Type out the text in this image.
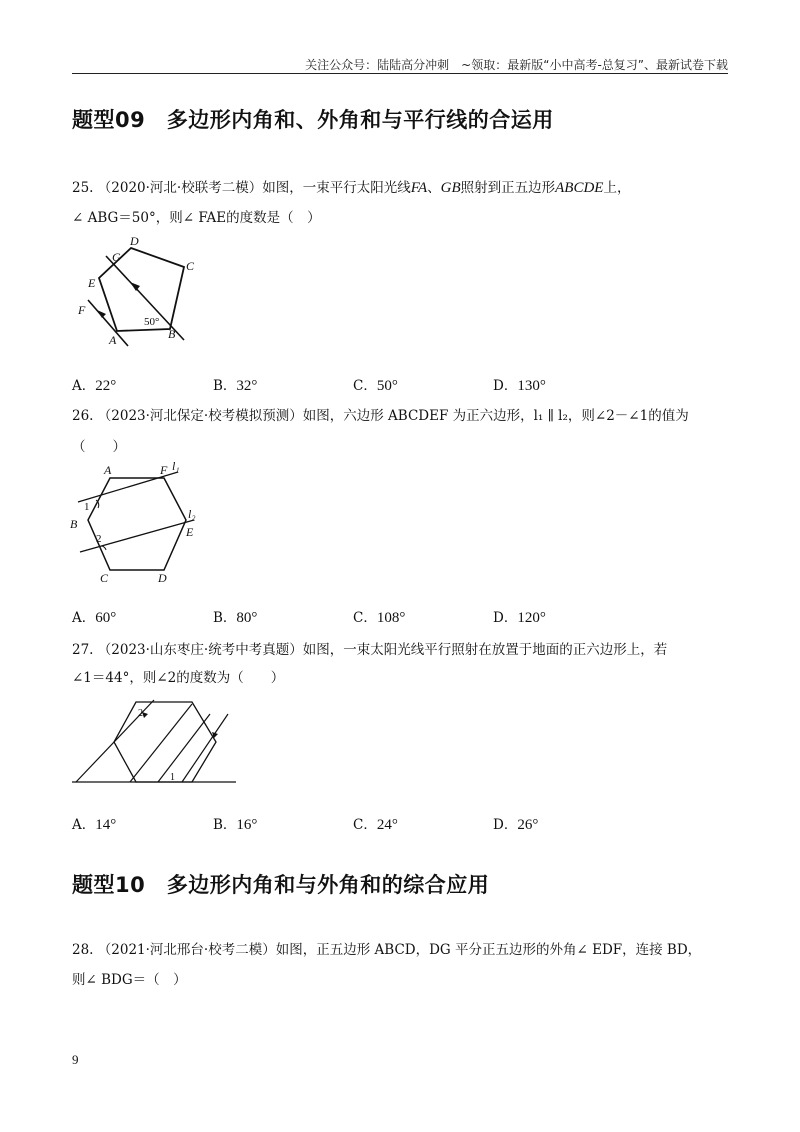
关注公众号：陆陆高分冲刺　~领取：最新版“小中高考-总复习”、最新试卷下载
题型09　多边形内角和、外角和与平行线的合运用
25. （2020·河北·校联考二模）如图，一束平行太阳光线FA、GB照射到正五边形ABCDE上，
∠ ABG＝50°，则∠ FAE的度数是（　）
D
C
G
E
F
A	B
50°
A．22°	B．32°	C．50°	D．130°
26. （2023·河北保定·校考模拟预测）如图，六边形 ABCDEF 为正六边形，l₁ ∥ l₂，则∠2－∠1的值为
（　　）
A	F l₁
B
l₂
E
C	D
1
2
A．60°	B．80°	C．108°	D．120°
27. （2023·山东枣庄·统考中考真题）如图，一束太阳光线平行照射在放置于地面的正六边形上，若
∠1＝44°，则∠2的度数为（　　）
2
1
A．14°	B．16°	C．24°	D．26°
题型10　多边形内角和与外角和的综合应用
28. （2021·河北邢台·校考二模）如图，正五边形 ABCD，DG 平分正五边形的外角∠ EDF，连接 BD，
则∠ BDG＝（　）
9
